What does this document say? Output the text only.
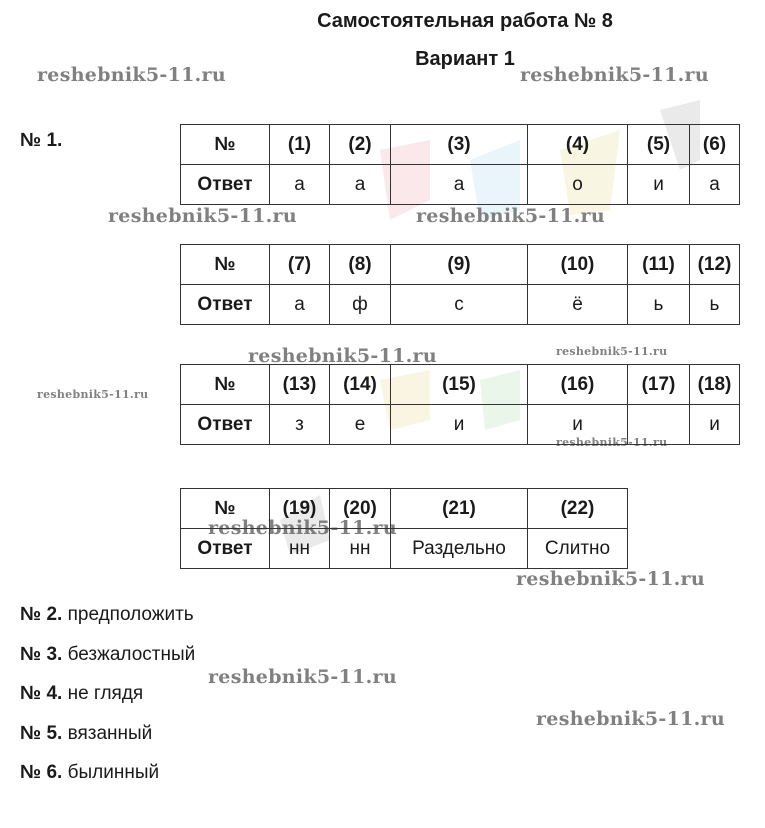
Самостоятельная работа № 8
Вариант 1
reshebnik5-11.ru	reshebnik5-11.ru
reshebnik5-11.ru	reshebnik5-11.ru
reshebnik5-11.ru	reshebnik5-11.ru
reshebnik5-11.ru
reshebnik5-11.ru
reshebnik5-11.ru
reshebnik5-11.ru
reshebnik5-11.ru
reshebnik5-11.ru
№ 1.	№	(1)	(2)	(3)	(4)	(5)	(6)
Ответ	а	а	а	о	и	а
№	(7)	(8)	(9)	(10)	(11)	(12)
Ответ	а	ф	с	ё	ь	ь
№	(13)	(14)	(15)	(16)	(17)	(18)
Ответ	з	е	и	и		и
№	(19)	(20)	(21)	(22)
Ответ	нн	нн	Раздельно	Слитно
№ 2. предположить
№ 3. безжалостный
№ 4. не глядя
№ 5. вязанный
№ 6. былинный
